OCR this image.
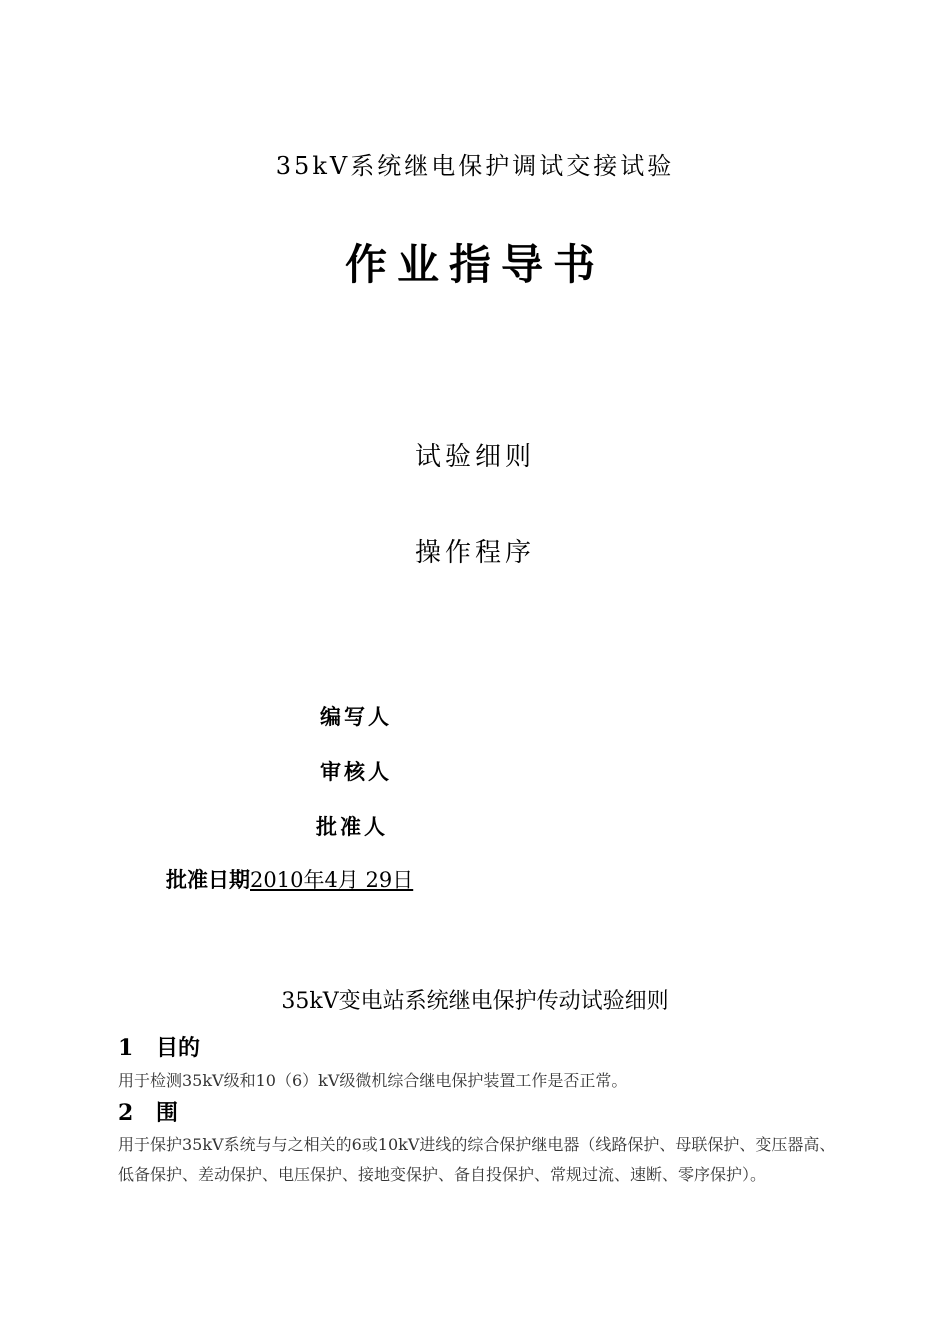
35kV系统继电保护调试交接试验
作业指导书
试验细则
操作程序
编写人
审核人
批准人
批准日期2010年4月 29日
35kV变电站系统继电保护传动试验细则
1 目的
用于检测35kV级和10（6）kV级微机综合继电保护装置工作是否正常。
2 围
用于保护35kV系统与与之相关的6或10kV进线的综合保护继电器（线路保护、母联保护、变压器高、低备保护、差动保护、电压保护、接地变保护、备自投保护、常规过流、速断、零序保护）。
